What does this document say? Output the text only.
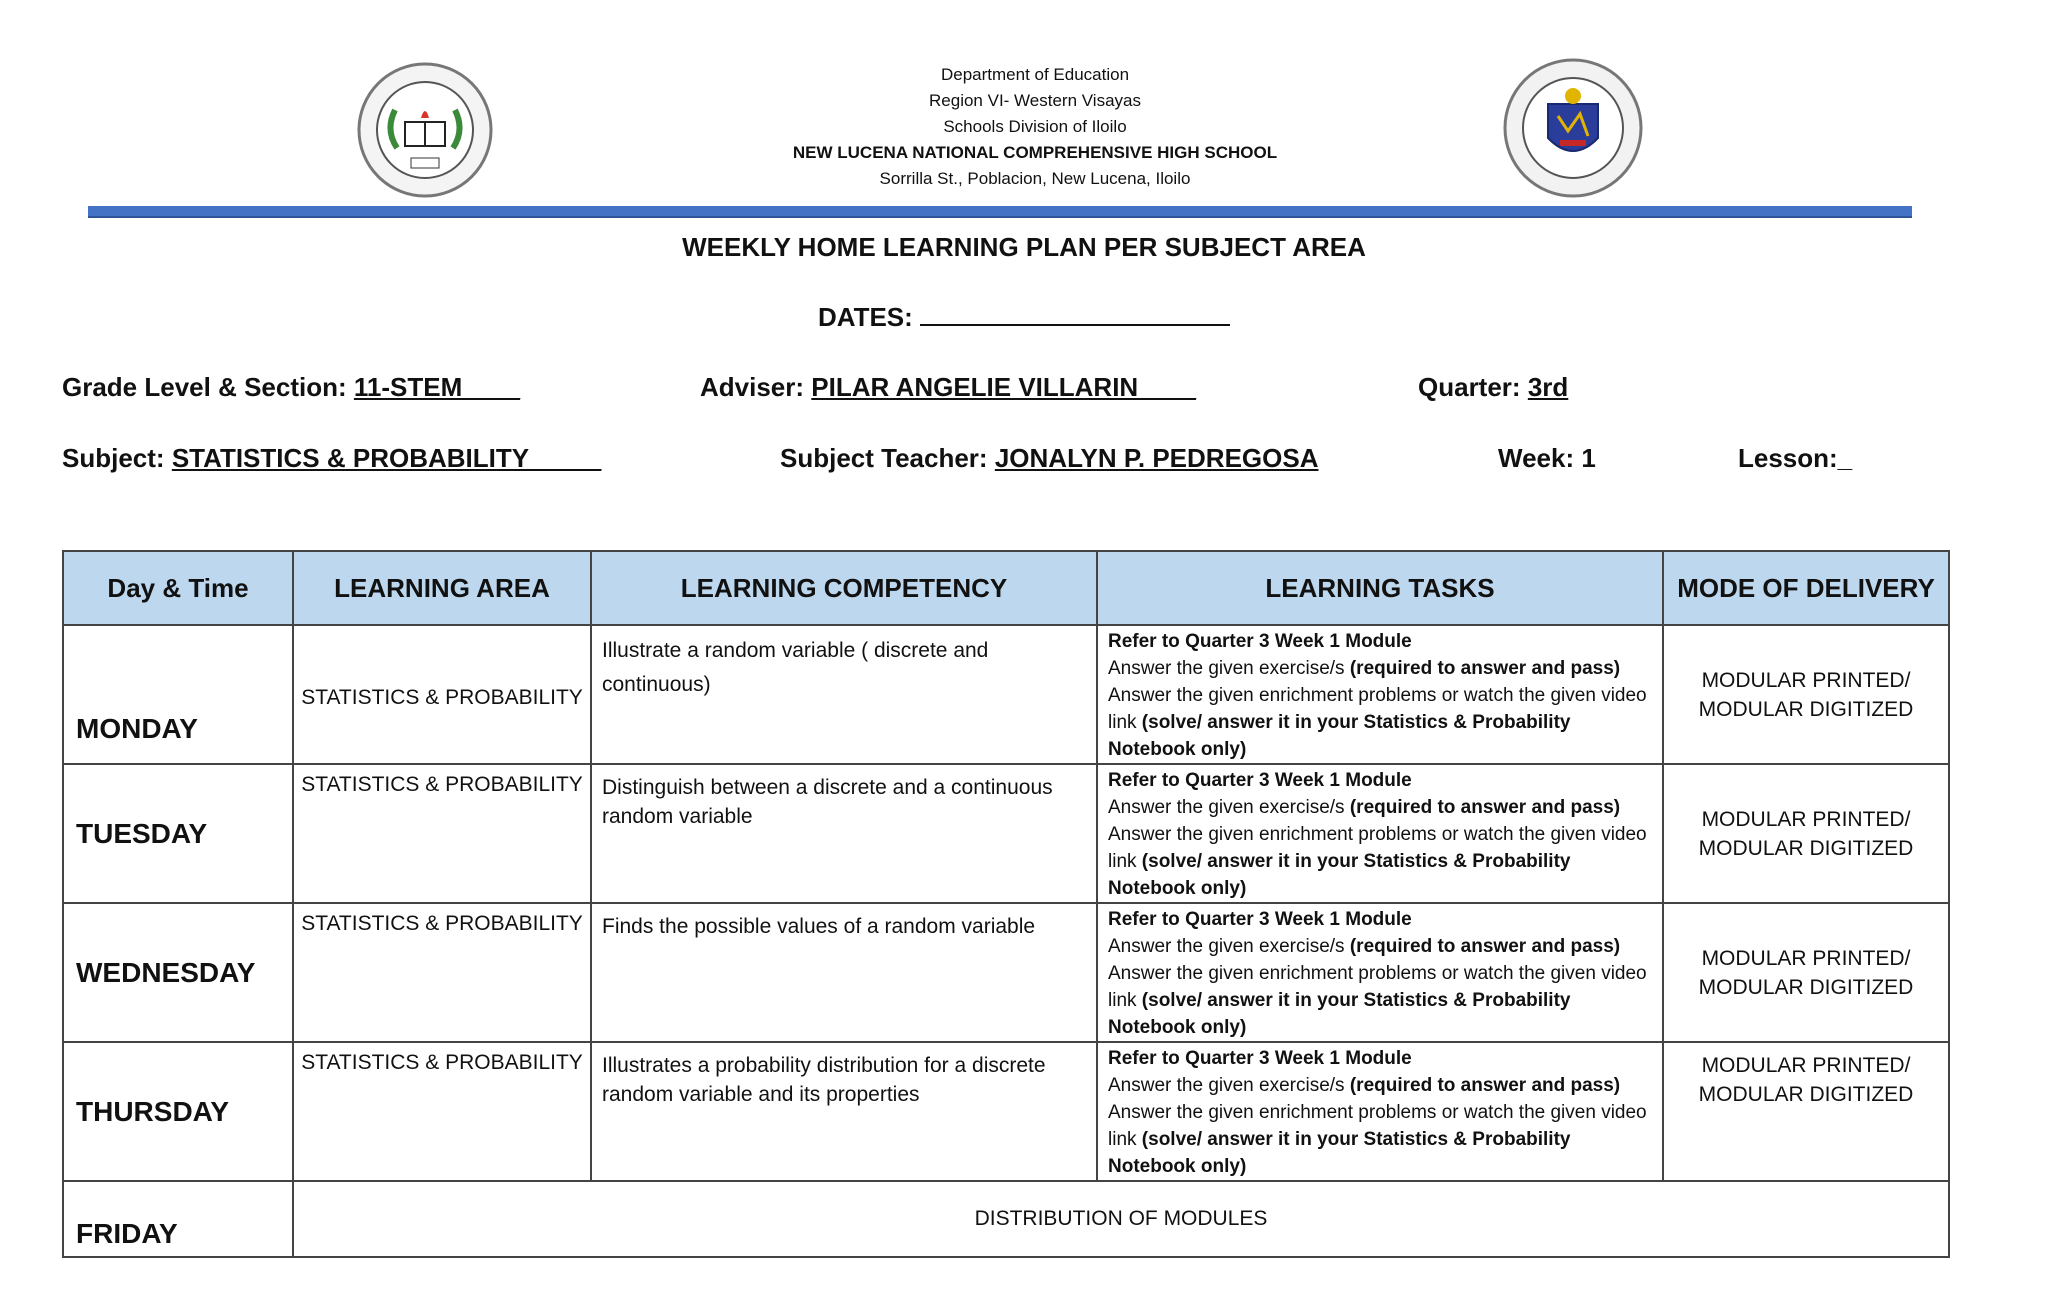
Department of Education
Region VI- Western Visayas
Schools Division of Iloilo
NEW LUCENA NATIONAL COMPREHENSIVE HIGH SCHOOL
Sorrilla St., Poblacion, New Lucena, Iloilo
WEEKLY HOME LEARNING PLAN PER SUBJECT AREA
DATES:
Grade Level & Section: 11-STEM____	Adviser: PILAR ANGELIE VILLARIN____	Quarter: 3rd
Subject: STATISTICS & PROBABILITY_____	Subject Teacher: JONALYN P. PEDREGOSA	Week: 1	Lesson:_
Day & Time	LEARNING AREA	LEARNING COMPETENCY	LEARNING TASKS	MODE OF DELIVERY
MONDAY	STATISTICS & PROBABILITY	Illustrate a random variable ( discrete and continuous)	Refer to Quarter 3 Week 1 Module
Answer the given exercise/s (required to answer and pass)
Answer the given enrichment problems or watch the given video link (solve/ answer it in your Statistics & Probability Notebook only)	MODULAR PRINTED/ MODULAR DIGITIZED
TUESDAY	STATISTICS & PROBABILITY	Distinguish between a discrete and a continuous random variable	Refer to Quarter 3 Week 1 Module
Answer the given exercise/s (required to answer and pass)
Answer the given enrichment problems or watch the given video link (solve/ answer it in your Statistics & Probability Notebook only)	MODULAR PRINTED/ MODULAR DIGITIZED
WEDNESDAY	STATISTICS & PROBABILITY	Finds the possible values of a random variable	Refer to Quarter 3 Week 1 Module
Answer the given exercise/s (required to answer and pass)
Answer the given enrichment problems or watch the given video link (solve/ answer it in your Statistics & Probability Notebook only)	MODULAR PRINTED/ MODULAR DIGITIZED
THURSDAY	STATISTICS & PROBABILITY	Illustrates a probability distribution for a discrete random variable and its properties	Refer to Quarter 3 Week 1 Module
Answer the given exercise/s (required to answer and pass)
Answer the given enrichment problems or watch the given video link (solve/ answer it in your Statistics & Probability Notebook only)	MODULAR PRINTED/ MODULAR DIGITIZED
FRIDAY	DISTRIBUTION OF MODULES			
